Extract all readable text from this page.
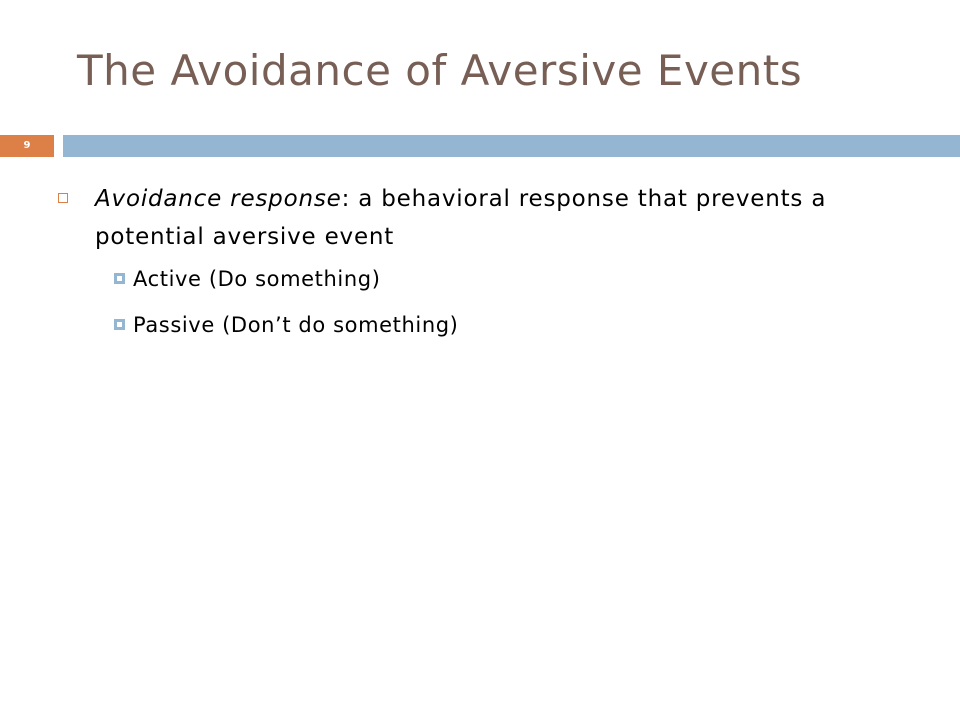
The Avoidance of Aversive Events
9
Avoidance response: a behavioral response that prevents a potential aversive event
Active (Do something)
Passive (Don’t do something)
